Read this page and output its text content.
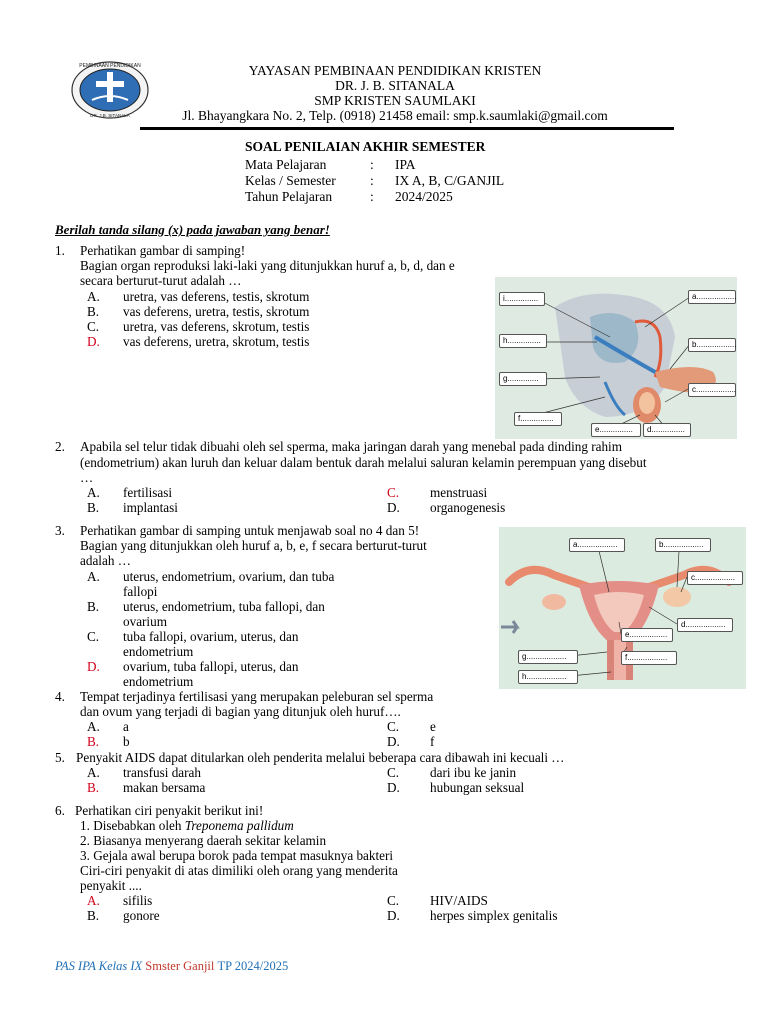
PEMBINAAN PENDIDIKAN
DR. J.B. SITANALA
YAYASAN PEMBINAAN PENDIDIKAN KRISTEN
DR. J. B. SITANALA
SMP KRISTEN SAUMLAKI
Jl. Bhayangkara No. 2, Telp. (0918) 21458 email: smp.k.saumlaki@gmail.com
SOAL PENILAIAN AKHIR SEMESTER
Mata Pelajaran	: IPA
Kelas / Semester	: IX A, B, C/GANJIL
Tahun Pelajaran	: 2024/2025
Berilah tanda silang (x) pada jawaban yang benar!
1. Perhatikan gambar di samping!
Bagian organ reproduksi laki-laki yang ditunjukkan huruf a, b, d, dan e
secara berturut-turut adalah …
A. uretra, vas deferens, testis, skrotum
B. vas deferens, uretra, testis, skrotum
C. uretra, vas deferens, skrotum, testis
D. vas deferens, uretra, skrotum, testis
i...............	a..................
h...............	b..................
g..............
c..................
f...............
e...............	d...............
2. Apabila sel telur tidak dibuahi oleh sel sperma, maka jaringan darah yang menebal pada dinding rahim
(endometrium) akan luruh dan keluar dalam bentuk darah melalui saluran kelamin perempuan yang disebut
…
A. fertilisasi	C. menstruasi
B. implantasi	D. organogenesis
3. Perhatikan gambar di samping untuk menjawab soal no 4 dan 5!
Bagian yang ditunjukkan oleh huruf a, b, e, f secara berturut-turut
adalah …
A. uterus, endometrium, ovarium, dan tuba
fallopi
B. uterus, endometrium, tuba fallopi, dan
ovarium
C. tuba fallopi, ovarium, uterus, dan
endometrium
D. ovarium, tuba fallopi, uterus, dan
endometrium
a..................	b..................
c..................
d..................
e.................
f..................
g..................
h..................
4. Tempat terjadinya fertilisasi yang merupakan peleburan sel sperma
dan ovum yang terjadi di bagian yang ditunjuk oleh huruf….
A. a	C. e
B. b	D. f
5. Penyakit AIDS dapat ditularkan oleh penderita melalui beberapa cara dibawah ini kecuali …
A. transfusi darah	C. dari ibu ke janin
B. makan bersama	D. hubungan seksual
6. Perhatikan ciri penyakit berikut ini!
1. Disebabkan oleh Treponema pallidum
2. Biasanya menyerang daerah sekitar kelamin
3. Gejala awal berupa borok pada tempat masuknya bakteri
Ciri-ciri penyakit di atas dimiliki oleh orang yang menderita
penyakit ....
A. sifilis	C. HIV/AIDS
B. gonore	D. herpes simplex genitalis
PAS IPA Kelas IX Smster Ganjil TP 2024/2025
